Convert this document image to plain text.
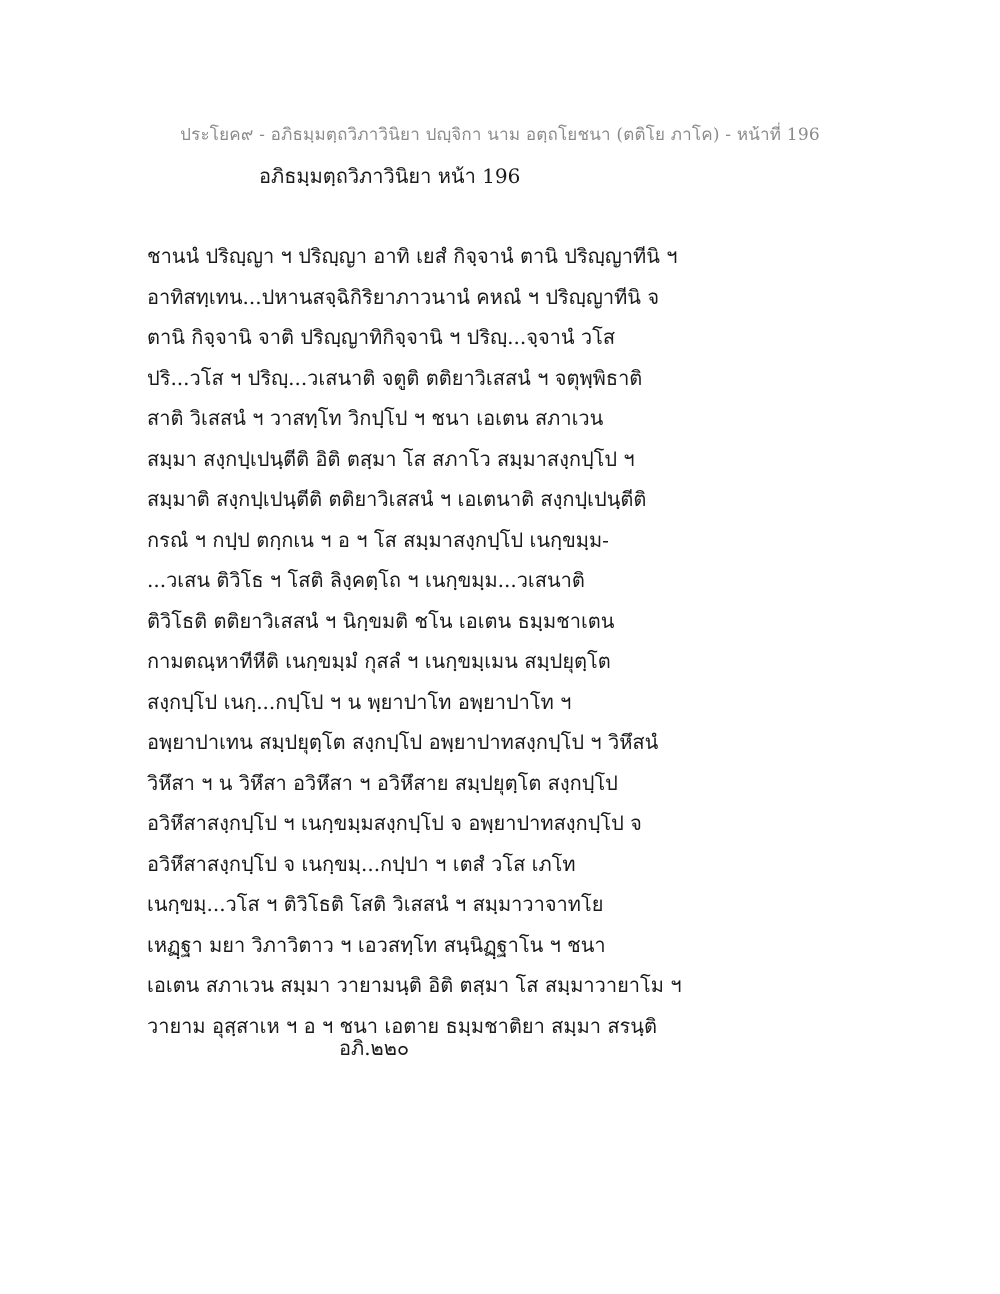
ประโยค๙ - อภิธมฺมตฺถวิภาวินิยา ปญฺจิกา นาม อตฺถโยชนา (ตติโย ภาโค) - หน้าที่ 196
อภิธมฺมตฺถวิภาวินิยา หน้า 196
ชานนํ ปริญฺญา ฯ ปริญฺญา อาทิ เยสํ กิจฺจานํ ตานิ ปริญฺญาทีนิ ฯ
อาทิสทฺเทน...ปหานสจฺฉิกิริยาภาวนานํ คหณํ ฯ ปริญฺญาทีนิ จ
ตานิ กิจฺจานิ จาติ ปริญฺญาทิกิจฺจานิ ฯ ปริญฺ...จฺจานํ วโส
ปริ...วโส ฯ ปริญฺ...วเสนาติ จตูติ ตติยาวิเสสนํ ฯ จตุพฺพิธาติ
สาติ วิเสสนํ ฯ วาสทฺโท วิกปฺโป ฯ ชนา เอเตน สภาเวน
สมฺมา สงฺกปฺเปนฺตีติ อิติ ตสฺมา โส สภาโว สมฺมาสงฺกปฺโป ฯ
สมฺมาติ สงฺกปฺเปนฺตีติ ตติยาวิเสสนํ ฯ เอเตนาติ สงฺกปฺเปนฺตีติ
กรณํ ฯ กปฺป ตกฺกเน ฯ อ ฯ โส สมฺมาสงฺกปฺโป เนกฺขมฺม-
...วเสน ติวิโธ ฯ โสติ ลิงฺคตฺโถ ฯ เนกฺขมฺม...วเสนาติ
ติวิโธติ ตติยาวิเสสนํ ฯ นิกฺขมติ ชโน เอเตน ธมฺมชาเตน
กามตณฺหาทีหีติ เนกฺขมฺมํ กุสลํ ฯ เนกฺขมฺเมน สมฺปยุตฺโต
สงฺกปฺโป เนกฺ...กปฺโป ฯ น พฺยาปาโท อพฺยาปาโท ฯ
อพฺยาปาเทน สมฺปยุตฺโต สงฺกปฺโป อพฺยาปาทสงฺกปฺโป ฯ วิหึสนํ
วิหึสา ฯ น วิหึสา อวิหึสา ฯ อวิหึสาย สมฺปยุตฺโต สงฺกปฺโป
อวิหึสาสงฺกปฺโป ฯ เนกฺขมฺมสงฺกปฺโป จ อพฺยาปาทสงฺกปฺโป จ
อวิหึสาสงฺกปฺโป จ เนกฺขมฺ...กปฺปา ฯ เตสํ วโส เภโท
เนกฺขมฺ...วโส ฯ ติวิโธติ โสติ วิเสสนํ ฯ สมฺมาวาจาทโย
เหฏฺฐา มยา วิภาวิตาว ฯ เอวสทฺโท สนฺนิฏฺฐาโน ฯ ชนา
เอเตน สภาเวน สมฺมา วายามนฺติ อิติ ตสฺมา โส สมฺมาวายาโม ฯ
วายาม อุสฺสาเห ฯ อ ฯ ชนา เอตาย ธมฺมชาติยา สมฺมา สรนฺติ
อภิ.๒๒๐
